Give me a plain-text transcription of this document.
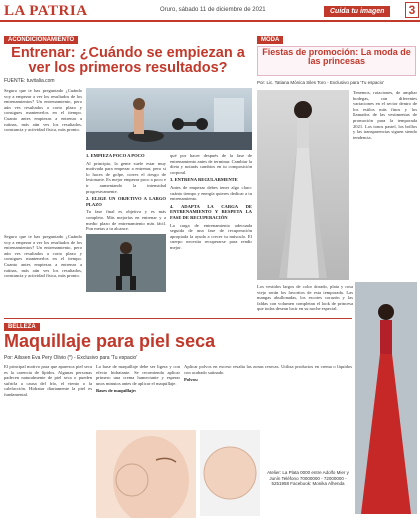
LA PATRIA	Oruro, sábado 11 de diciembre de 2021	Cuida tu imagen	3
ACONDICIONAMIENTO
Entrenar: ¿Cuándo se empiezan a ver los primeros resultados?
FUENTE: tuvitalia.com

Seguro que te has preguntado ¿Cuándo voy a empezar a ver los resultados de los entrenamientos? Un entrenamiento, pero aún ves resultados a corto plazo y consigues mantenerlos en el tiempo. Cuanto antes empiezas a entrenar a rutinas, más aún ves los resultados, constancia y actividad física, más pronto.

1. EMPIEZA POCO A POCO

Al principio, la gente suele estar muy motivada para empezar a entrenar, pero si lo haces de golpe, corres el riesgo de lesionarte. Es mejor empezar poco a poco e ir aumentando la intensidad progresivamente.

2. ELIGE UN OBJETIVO A LARGO PLAZO

Tu fase final es objetiva y es más completo. Más mejorías en entrenar y a medio plazo de entrenamiento más fácil. Pon metas a tu alcance.

qué por hacer después de la fase de entrenamiento antes de terminar. Cambiar la dieta y notarás cambios en tu composición corporal.

3. ENTRENA REGULARMENTE

Antes de empezar debes tener algo claro: cuánto tiempo y energía quieres dedicar a tu entrenamiento.

4. ADAPTA LA CARGA DE ENTRENAMIENTO Y RESPETA LA FASE DE RECUPERACIÓN

La carga de entrenamiento adecuada seguida de una fase de recuperación apropiada la ayuda a crecer tu músculo. El cuerpo necesita recuperarse para rendir mejor.

Seguro que te has preguntado ¿Cuándo voy a empezar a ver los resultados de los entrenamientos? Un entrenamiento, pero aún ves resultados a corto plazo y consigues mantenerlos en el tiempo. Cuanto antes empiezas a entrenar a rutinas, más aún ves los resultados, constancia y actividad física, más pronto.

MODA
Fiestas de promoción: La moda de las princesas
Por: Lic. Tatiana Mónica Siles Toro - Exclusivo para 'Tu espacio'

Tenemos, rotaciones, de ampliar bodegas, con diferentes variaciones en el sector dentro de los estilos más finos y los llamados de las vestimentas de promoción para la temporada 2021. Los tonos pastel, los brillos y las transparencias siguen siendo tendencia.

Los vestidos largos de color dorado, plata y rosa viejo serán los favoritos de esta temporada. Las mangas abullonadas, los escotes corazón y las faldas con volumen completan el look de princesa que todas desean lucir en su noche especial.

BELLEZA
Maquillaje para piel seca
Por: Ailssen Eva Pery Olivio (*) - Exclusivo para 'Tu espacio'

El principal motivo para que aparezca piel seca es la carencia de lípidos. Algunas personas padecen naturalmente de piel seca o pueden sufrirla a causa del frío, el viento o la calefacción. Hidratar diariamente la piel es fundamental.

La base de maquillaje debe ser ligera y con efecto hidratante. Se recomienda aplicar primero una crema humectante y esperar unos minutos antes de aplicar el maquillaje.

Bases de maquillaje:

Aplicar polvos en exceso resalta las zonas resecas. Utiliza productos en crema o líquidos con acabado satinado.

Polvos:

Atelier: La Plata 0000 entre Adolfo Mier y Junín Teléfono 70000000 - 72000000 - 5251958 Facebook: Monika Alhenda
